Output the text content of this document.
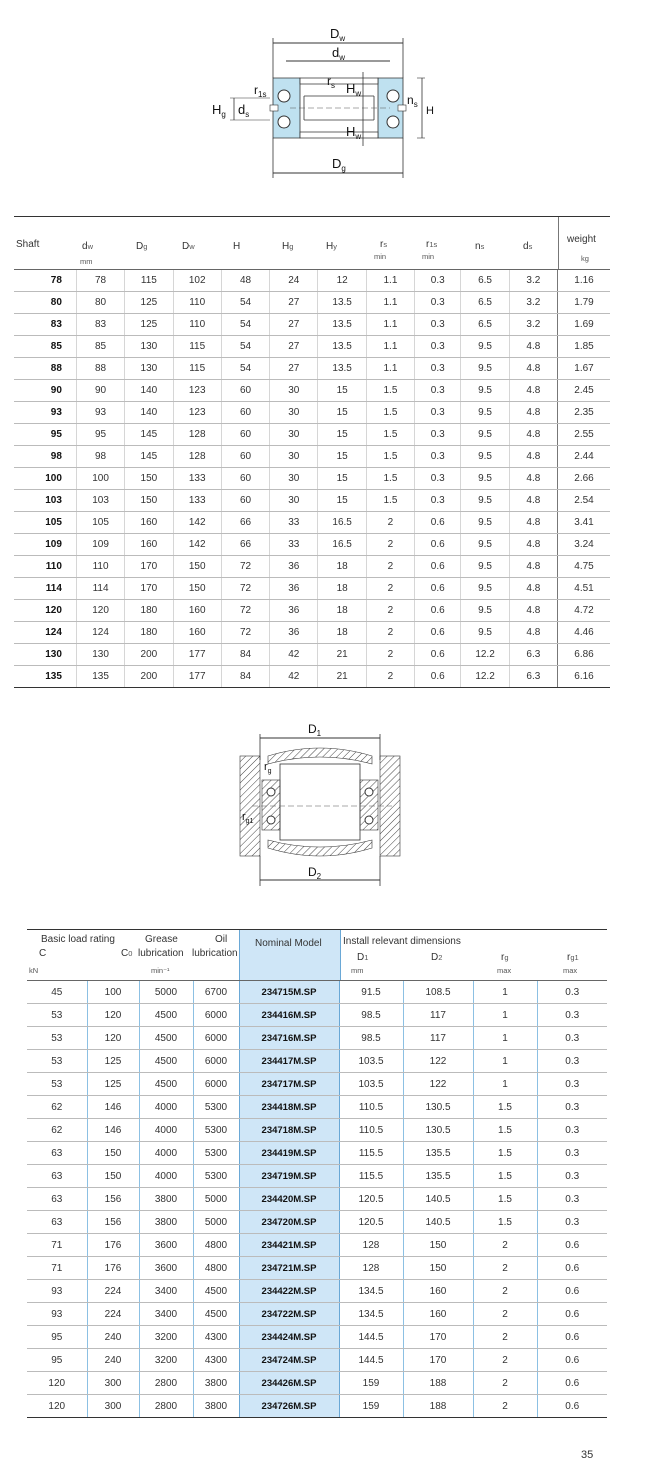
$D_w$
$d_w$
$H_w$
$H_w$
$r_s$
$r_{1s}$
$H_g$ $d_s$
$n_s$
H
$D_g$
Shaft	dw
mm
Dg	Dw	H	Hg	Hy	rs
min
r1s
min
ns	ds
weight
kg
78	78	115	102	48	24	12	1.1	0.3	6.5	3.2	1.16
80	80	125	110	54	27	13.5	1.1	0.3	6.5	3.2	1.79
83	83	125	110	54	27	13.5	1.1	0.3	6.5	3.2	1.69
85	85	130	115	54	27	13.5	1.1	0.3	9.5	4.8	1.85
88	88	130	115	54	27	13.5	1.1	0.3	9.5	4.8	1.67
90	90	140	123	60	30	15	1.5	0.3	9.5	4.8	2.45
93	93	140	123	60	30	15	1.5	0.3	9.5	4.8	2.35
95	95	145	128	60	30	15	1.5	0.3	9.5	4.8	2.55
98	98	145	128	60	30	15	1.5	0.3	9.5	4.8	2.44
100	100	150	133	60	30	15	1.5	0.3	9.5	4.8	2.66
103	103	150	133	60	30	15	1.5	0.3	9.5	4.8	2.54
105	105	160	142	66	33	16.5	2	0.6	9.5	4.8	3.41
109	109	160	142	66	33	16.5	2	0.6	9.5	4.8	3.24
110	110	170	150	72	36	18	2	0.6	9.5	4.8	4.75
114	114	170	150	72	36	18	2	0.6	9.5	4.8	4.51
120	120	180	160	72	36	18	2	0.6	9.5	4.8	4.72
124	124	180	160	72	36	18	2	0.6	9.5	4.8	4.46
130	130	200	177	84	42	21	2	0.6	12.2	6.3	6.86
135	135	200	177	84	42	21	2	0.6	12.2	6.3	6.16
$D_1$
$r_g$
$r_{g1}$
$D_2$
Basic load rating
C	C0
kN
Grease
lubrication
Oil
lubrication
min⁻¹
Nominal Model Install relevant dimensions
D1
mm
D2	rg
max
rg1
max
45	100	5000	6700	234715M.SP	91.5	108.5	1	0.3
53	120	4500	6000	234416M.SP	98.5	117	1	0.3
53	120	4500	6000	234716M.SP	98.5	117	1	0.3
53	125	4500	6000	234417M.SP	103.5	122	1	0.3
53	125	4500	6000	234717M.SP	103.5	122	1	0.3
62	146	4000	5300	234418M.SP	110.5	130.5	1.5	0.3
62	146	4000	5300	234718M.SP	110.5	130.5	1.5	0.3
63	150	4000	5300	234419M.SP	115.5	135.5	1.5	0.3
63	150	4000	5300	234719M.SP	115.5	135.5	1.5	0.3
63	156	3800	5000	234420M.SP	120.5	140.5	1.5	0.3
63	156	3800	5000	234720M.SP	120.5	140.5	1.5	0.3
71	176	3600	4800	234421M.SP	128	150	2	0.6
71	176	3600	4800	234721M.SP	128	150	2	0.6
93	224	3400	4500	234422M.SP	134.5	160	2	0.6
93	224	3400	4500	234722M.SP	134.5	160	2	0.6
95	240	3200	4300	234424M.SP	144.5	170	2	0.6
95	240	3200	4300	234724M.SP	144.5	170	2	0.6
120	300	2800	3800	234426M.SP	159	188	2	0.6
120	300	2800	3800	234726M.SP	159	188	2	0.6
35
